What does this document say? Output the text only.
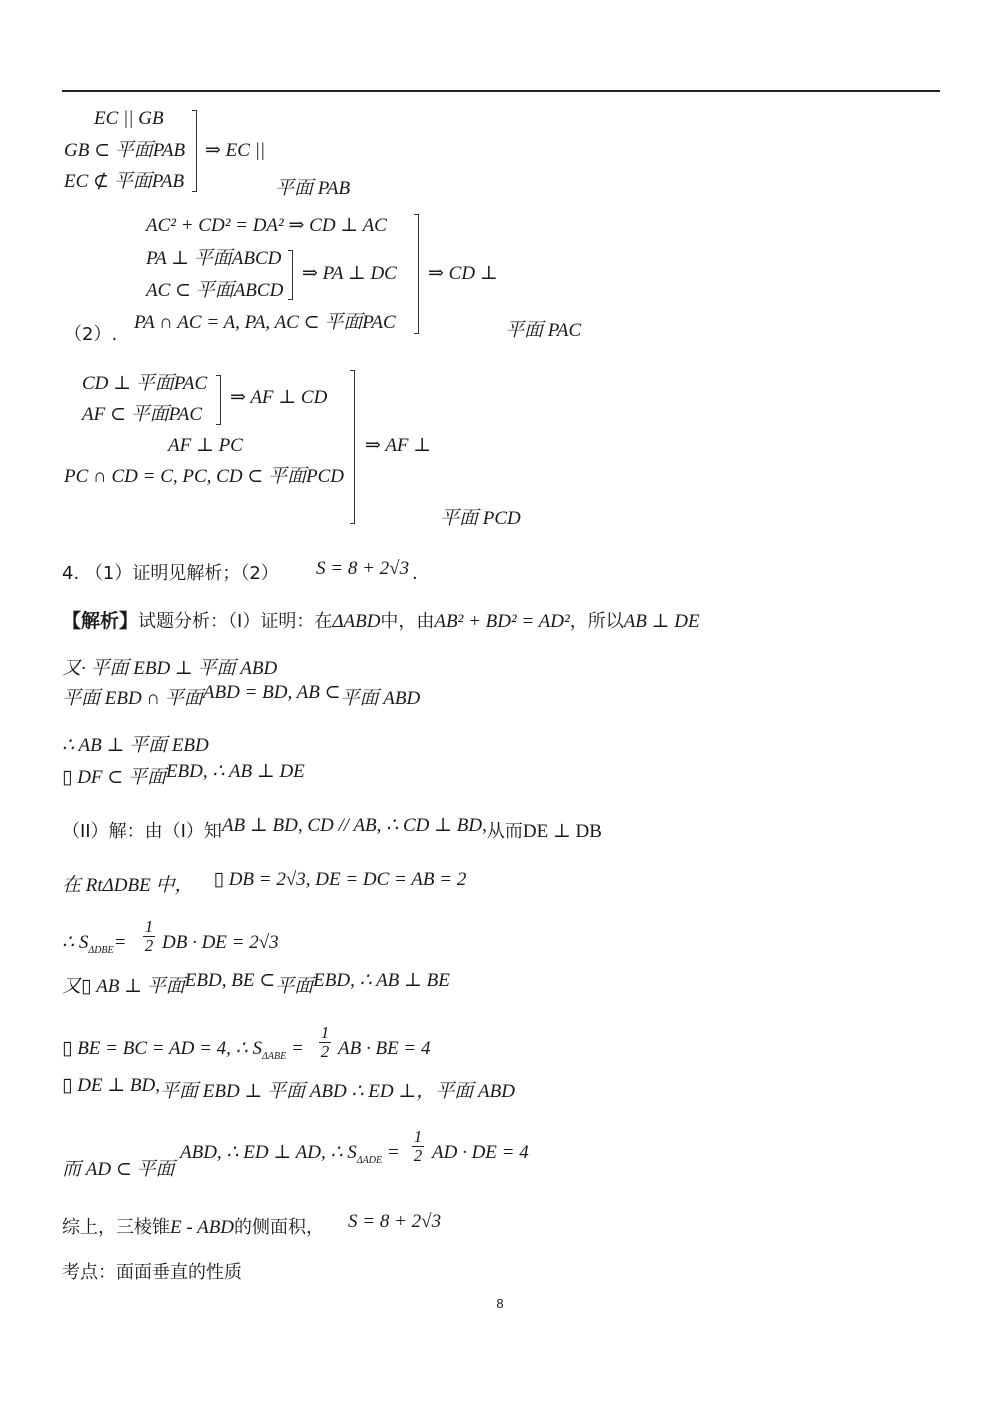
EC || GB
GB ⊂ 平面PAB
EC ⊄ 平面PAB
⇒ EC ||
平面 PAB
AC² + CD² = DA² ⇒ CD ⊥ AC
PA ⊥ 平面ABCD
AC ⊂ 平面ABCD
⇒ PA ⊥ DC
PA ∩ AC = A, PA, AC ⊂ 平面PAC
⇒ CD ⊥
（2）.	平面 PAC
CD ⊥ 平面PAC
AF ⊂ 平面PAC
⇒ AF ⊥ CD
AF ⊥ PC
PC ∩ CD = C, PC, CD ⊂ 平面PCD
⇒ AF ⊥
平面 PCD
4. （1）证明见解析；（2） S = 8 + 2√3 .
【解析】试题分析：（I）证明：在ΔABD中，由AB² + BD² = AD²，所以AB ⊥ DE
又· 平面 EBD ⊥ 平面 ABD
平面 EBD ∩ 平面ABD = BD, AB ⊂平面 ABD
∴ AB ⊥ 平面 EBD
▯ DF ⊂ 平面EBD, ∴ AB ⊥ DE
（II）解：由（I）知AB ⊥ BD, CD // AB, ∴ CD ⊥ BD,从而DE ⊥ DB
在 RtΔDBE 中， ▯ DB = 2√3, DE = DC = AB = 2
∴ $S_{\Delta DBE}= \frac{1}{2}$ DB · DE = 2√3
又▯ AB ⊥ 平面EBD, BE ⊂平面EBD, ∴ AB ⊥ BE
▯ BE = BC = AD = 4, ∴ $S_{\Delta ABE} = \frac{1}{2}$ AB · BE = 4
▯ DE ⊥ BD,平面 EBD ⊥ 平面 ABD ∴ ED ⊥，平面 ABD
而 AD ⊂ 平面
ABD, ∴ ED ⊥ AD, ∴ $S_{\Delta ADE} = \frac{1}{2}$ AD · DE = 4
综上，三棱锥E - ABD的侧面积， S = 8 + 2√3
考点：面面垂直的性质
8
